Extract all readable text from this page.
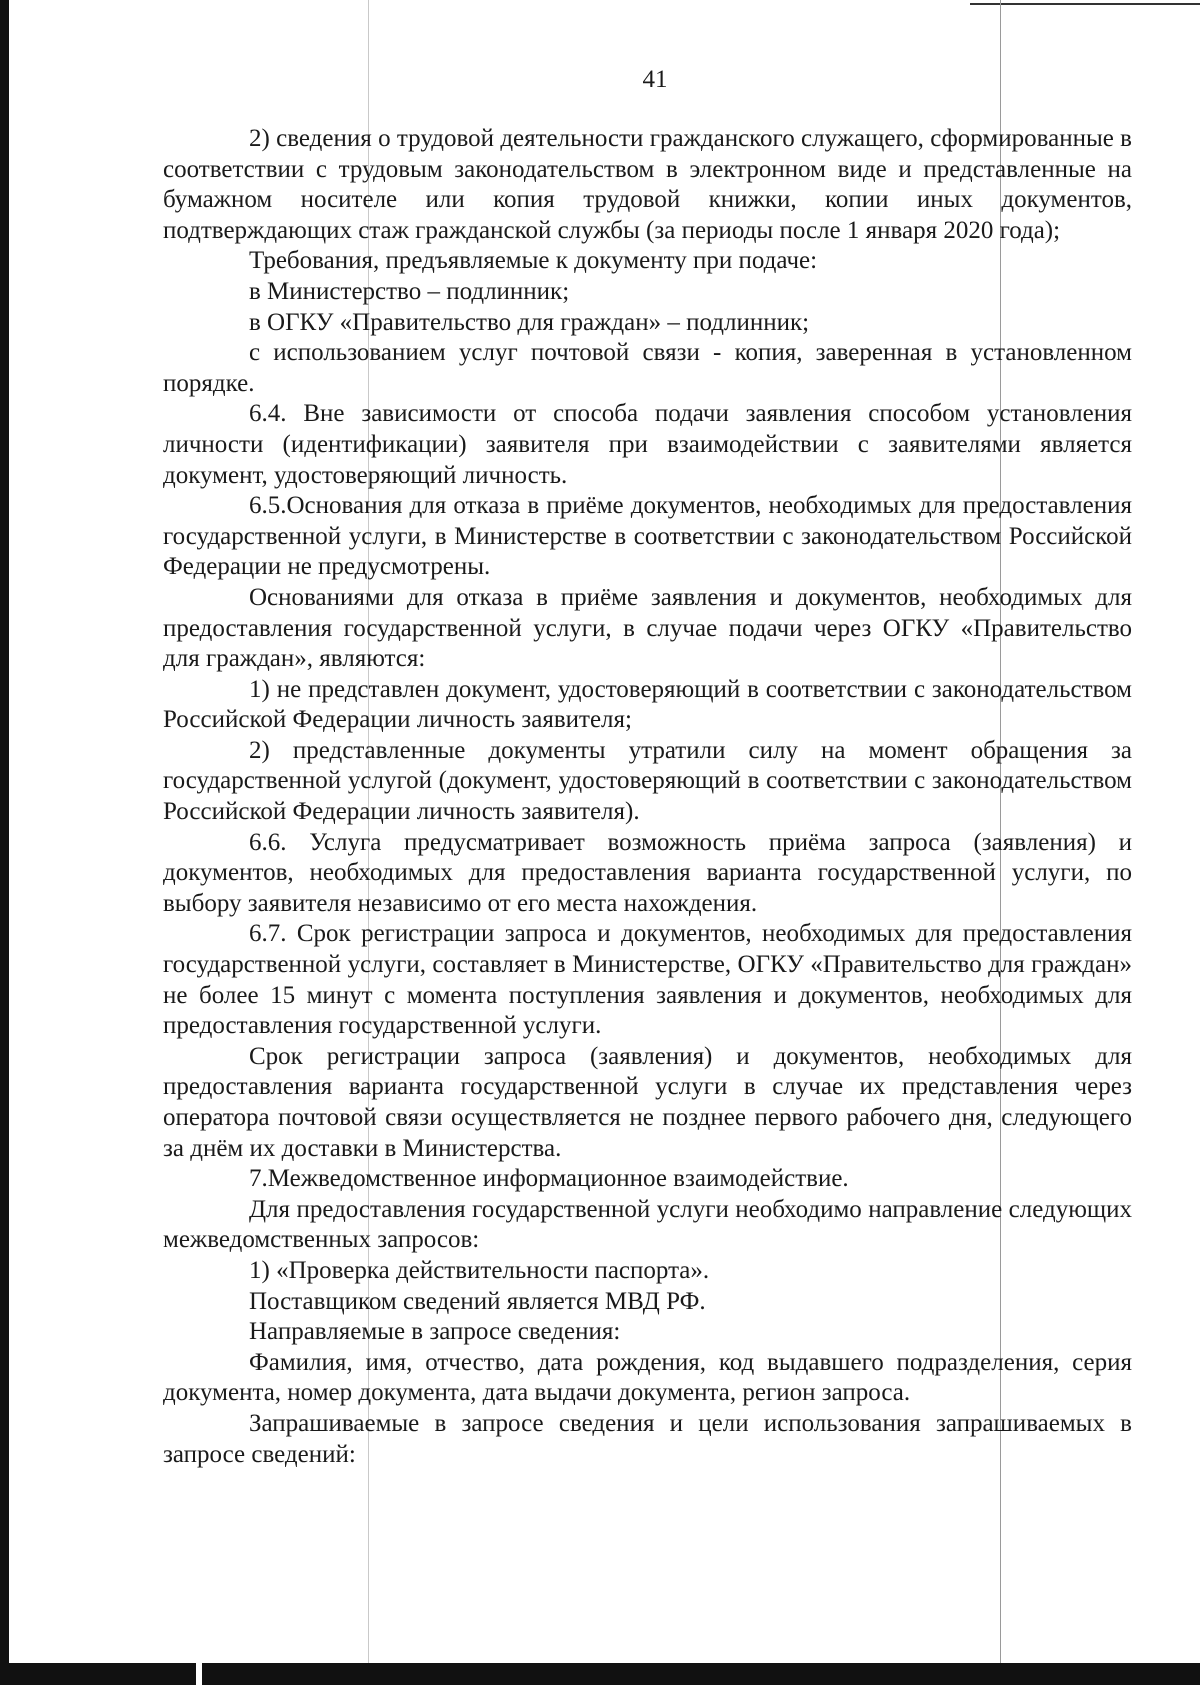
41

2) сведения о трудовой деятельности гражданского служащего, сформированные в соответствии с трудовым законодательством в электронном виде и представленные на бумажном носителе или копия трудовой книжки, копии иных документов, подтверждающих стаж гражданской службы (за периоды после 1 января 2020 года);

Требования, предъявляемые к документу при подаче:

в Министерство – подлинник;

в ОГКУ «Правительство для граждан» – подлинник;

с использованием услуг почтовой связи - копия, заверенная в установленном порядке.

6.4. Вне зависимости от способа подачи заявления способом установления личности (идентификации) заявителя при взаимодействии с заявителями является документ, удостоверяющий личность.

6.5.Основания для отказа в приёме документов, необходимых для предоставления государственной услуги, в Министерстве в соответствии с законодательством Российской Федерации не предусмотрены.

Основаниями для отказа в приёме заявления и документов, необходимых для предоставления государственной услуги, в случае подачи через ОГКУ «Правительство для граждан», являются:

1) не представлен документ, удостоверяющий в соответствии с законодательством Российской Федерации личность заявителя;

2) представленные документы утратили силу на момент обращения за государственной услугой (документ, удостоверяющий в соответствии с законодательством Российской Федерации личность заявителя).

6.6. Услуга предусматривает возможность приёма запроса (заявления) и документов, необходимых для предоставления варианта государственной услуги, по выбору заявителя независимо от его места нахождения.

6.7. Срок регистрации запроса и документов, необходимых для предоставления государственной услуги, составляет в Министерстве, ОГКУ «Правительство для граждан» не более 15 минут с момента поступления заявления и документов, необходимых для предоставления государственной услуги.

Срок регистрации запроса (заявления) и документов, необходимых для предоставления варианта государственной услуги в случае их представления через оператора почтовой связи осуществляется не позднее первого рабочего дня, следующего за днём их доставки в Министерства.

7.Межведомственное информационное взаимодействие.

Для предоставления государственной услуги необходимо направление следующих межведомственных запросов:

1) «Проверка действительности паспорта».

Поставщиком сведений является МВД РФ.

Направляемые в запросе сведения:

Фамилия, имя, отчество, дата рождения, код выдавшего подразделения, серия документа, номер документа, дата выдачи документа, регион запроса.

Запрашиваемые в запросе сведения и цели использования запрашиваемых в запросе сведений:
